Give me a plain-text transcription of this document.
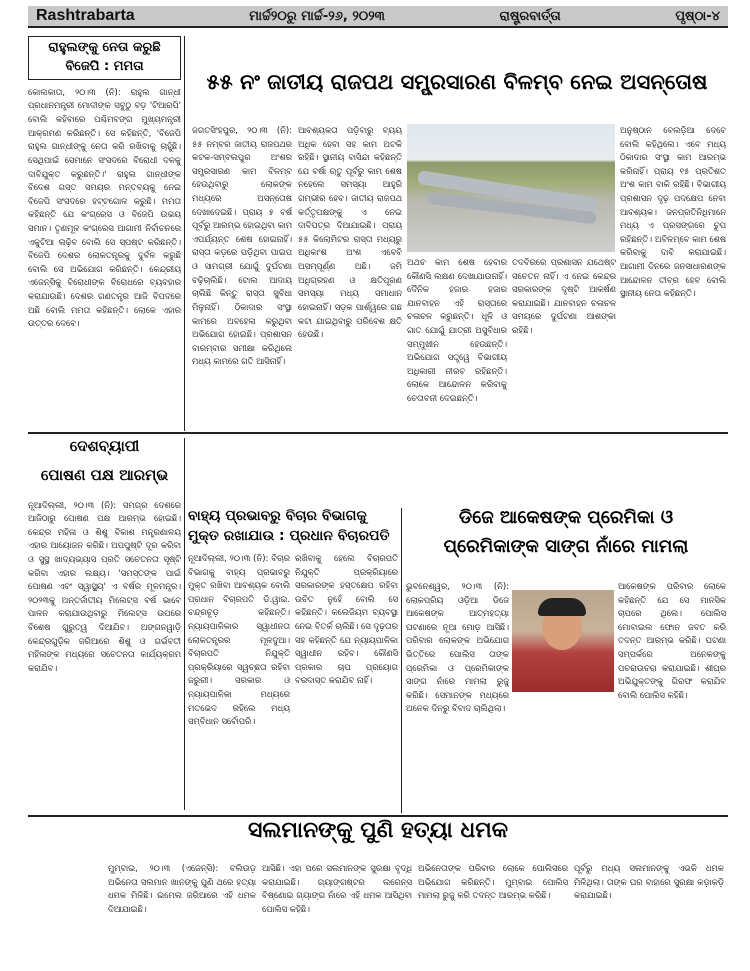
Rashtrabarta	ମାର୍ଚ୍ଚ୨୦ରୁ ମାର୍ଚ୍ଚ-୨୬, ୨୦୨୩	ରାଷ୍ଟ୍ରବାର୍ତ୍ତା	ପୃଷ୍ଠା-୪
ରାହୁଲଙ୍କୁ ନେତା କରୁଛି
ବିଜେପି : ମମତା
କୋଲକାତା, ୨୦।୩ (ନି): ରାହୁଲ ଗାନ୍ଧୀ ପ୍ରଧାନମନ୍ତ୍ରୀ ମୋଦୀଙ୍କ ସବୁଠୁ ବଡ଼ 'ଟିଆରପି' ବୋଲି କହିବାରେ ପଶ୍ଚିମବଙ୍ଗ ମୁଖ୍ୟମନ୍ତ୍ରୀ ଆକ୍ରମଣ କରିଛନ୍ତି। ସେ କହିଛନ୍ତି, 'ବିଜେପି ରାହୁଲ ଗାନ୍ଧୀଙ୍କୁ ନେତା କରି ରଖିବାକୁ ଚାହୁଁଛି। ସେଥିପାଇଁ ସେମାନେ ସଂସଦରେ ବିରୋଧୀ ଦଳକୁ ଦାବିଯୁକ୍ତ କରୁଛନ୍ତି।' ରାହୁଲ ଗାନ୍ଧୀଙ୍କ ବିଦେଶ ଗସ୍ତ ସମୟର ମନ୍ତବ୍ୟକୁ ନେଇ ବିଜେପି ସଂସଦରେ ହଟ୍ଟଗୋଳ କରୁଛି। ମମତା କହିଛନ୍ତି ଯେ କଂଗ୍ରେସ ଓ ବିଜେପି ଉଭୟ ସମାନ। ତୃଣମୂଳ କଂଗ୍ରେସ ଆଗାମୀ ନିର୍ବାଚନରେ ଏକୁଟିଆ ଲଢ଼ିବ ବୋଲି ସେ ସ୍ପଷ୍ଟ କରିଛନ୍ତି। ବିଜେପି ଦେଶର ଲୋକତନ୍ତ୍ରକୁ ଦୁର୍ବଳ କରୁଛି ବୋଲି ସେ ଅଭିଯୋଗ କରିଛନ୍ତି। କେନ୍ଦ୍ରୀୟ ଏଜେନ୍ସିକୁ ବିରୋଧୀଙ୍କ ବିରୋଧରେ ବ୍ୟବହାର କରାଯାଉଛି। ଦେଶର ଗଣତନ୍ତ୍ର ଆଜି ବିପଦରେ ଅଛି ବୋଲି ମମତା କହିଛନ୍ତି। ଲୋକେ ଏହାର ଉତ୍ତର ଦେବେ।
୫୫ ନଂ ଜାତୀୟ ରାଜପଥ ସମ୍ପ୍ରସାରଣ ବିଳମ୍ବ ନେଇ ଅସନ୍ତୋଷ
ଜଗତସିଂହପୁର, ୨୦।୩ (ନି): ୫୫ ନମ୍ବର ଜାତୀୟ ରାଜପଥର କଟକ-ସମ୍ବଲପୁର ଅଂଶର ସମ୍ପ୍ରସାରଣ କାମ ବିଳମ୍ବ ହେଉଥିବାରୁ ଲୋକଙ୍କ ମଧ୍ୟରେ ଅସନ୍ତୋଷ ଦେଖାଦେଇଛି। ପ୍ରାୟ ୫ ବର୍ଷ ପୂର୍ବରୁ ଆରମ୍ଭ ହୋଇଥିବା କାମ ଏପର୍ଯ୍ୟନ୍ତ ଶେଷ ହୋଇନାହିଁ। ରାସ୍ତା କଡ଼ରେ ପଡ଼ିଥିବା ପାଇପ ଓ ସାମଗ୍ରୀ ଯୋଗୁଁ ଦୁର୍ଘଟଣା ବଢ଼ିଚାଲିଛି। ଟୋଲ ଆଦାୟ ଚାଲିଛି କିନ୍ତୁ ରାସ୍ତା ସୁବିଧା ମିଳୁନାହିଁ। ଠିକାଦାର ସଂସ୍ଥା କାମରେ ଅବହେଳା କରୁଥିବା ଅଭିଯୋଗ ହୋଇଛି। ପ୍ରଶାସନ ବାରମ୍ବାର ସମୀକ୍ଷା କରିଥିଲେ ମଧ୍ୟ କାମରେ ଗତି ଆସିନାହିଁ।
ଆବଶ୍ୟକତା ପଡ଼ିବାରୁ ବ୍ୟୟ ଅଧିକ ହେବା ସହ କାମ ଅଟକି ରହିଛି। ସ୍ଥାନୀୟ ବାସିନ୍ଦା କହିଛନ୍ତି ଯେ ବର୍ଷା ଋତୁ ପୂର୍ବରୁ କାମ ଶେଷ ନହେଲେ ସମସ୍ୟା ଆହୁରି ଗମ୍ଭୀର ହେବ। ଜାତୀୟ ରାଜପଥ କର୍ତ୍ତୃପକ୍ଷଙ୍କୁ ଏ ନେଇ ଦାବିପତ୍ର ଦିଆଯାଇଛି। ପ୍ରାୟ ୫୫ କିଲୋମିଟର ରାସ୍ତା ମଧ୍ୟରୁ ଅଧିକାଂଶ ଅଂଶ ଏବେବି ଅସମ୍ପୂର୍ଣ୍ଣ ଅଛି। ଜମି ଅଧିଗ୍ରହଣ ଓ କ୍ଷତିପୂରଣ ସମସ୍ୟା ମଧ୍ୟ ସମାଧାନ ହୋଇନାହିଁ। ସଡ଼କ ପାର୍ଶ୍ୱରେ ଗଛ କଟା ଯାଇଥିବାରୁ ପରିବେଶ କ୍ଷତି ହେଉଛି।
ଅଥଚ କାମ ଶେଷ ହେବାର କୌଣସି ଲକ୍ଷଣ ଦେଖାଯାଉନାହିଁ। ଦୈନିକ ହଜାର ହଜାର ଯାନବାହନ ଏହି ରାସ୍ତାରେ ଚଳାଚଳ କରୁଛନ୍ତି। ଧୂଳି ଓ ଗାତ ଯୋଗୁଁ ଯାତ୍ରୀ ଅସୁବିଧାର ସମ୍ମୁଖୀନ ହେଉଛନ୍ତି। ଅଭିଯୋଗ ସତ୍ତ୍ୱେ ବିଭାଗୀୟ ଅଧିକାରୀ ନୀରବ ରହିଛନ୍ତି। ଲୋକେ ଆନ୍ଦୋଳନ କରିବାକୁ ଚେତାବନୀ ଦେଇଛନ୍ତି।
ତଦବିରରେ ପ୍ରଶାସନ ଯଥେଷ୍ଟ ସଚେତନ ନାହିଁ। ଏ ନେଇ କେନ୍ଦ୍ର ସରକାରଙ୍କ ଦୃଷ୍ଟି ଆକର୍ଷଣ କରାଯାଇଛି। ଯାନବାହନ ଚଳାଚଳ ସମୟରେ ଦୁର୍ଘଟଣା ଆଶଙ୍କା ରହିଛି।
ଅନୁଷ୍ଠାନ ବେଲଡ଼ିଆ ଦେବେ ବୋଲି କହିଥିଲେ। ଏବେ ମଧ୍ୟ ଠିକାଦାର ସଂସ୍ଥା କାମ ଆରମ୍ଭ କରିନାହିଁ। ପ୍ରାୟ ୧୫ ପ୍ରତିଶତ ଅଂଶ କାମ ବାକି ରହିଛି। ବିଭାଗୀୟ ପ୍ରଶାସନ ଦୃଢ଼ ପଦକ୍ଷେପ ନେବା ଆବଶ୍ୟକ। ଜନପ୍ରତିନିଧିମାନେ ମଧ୍ୟ ଏ ପ୍ରସଙ୍ଗରେ ଚୁପ ରହିଛନ୍ତି। ଅବିଳମ୍ବେ କାମ ଶେଷ କରିବାକୁ ଦାବି କରାଯାଇଛି। ଆଗାମୀ ଦିନରେ ଜନସାଧାରଣଙ୍କ ଆନ୍ଦୋଳନ ତୀବ୍ର ହେବ ବୋଲି ସ୍ଥାନୀୟ ନେତା କହିଛନ୍ତି।
ଦେଶବ୍ୟାପୀ
ପୋଷଣ ପକ୍ଷ ଆରମ୍ଭ
ନୂଆଦିଲ୍ଲୀ, ୨୦।୩ (ନି): ସମଗ୍ର ଦେଶରେ ଆଜିଠାରୁ ପୋଷଣ ପକ୍ଷ ଆରମ୍ଭ ହୋଇଛି। କେନ୍ଦ୍ର ମହିଳା ଓ ଶିଶୁ ବିକାଶ ମନ୍ତ୍ରଣାଳୟ ଏହାର ଆୟୋଜନ କରିଛି। ଅପପୁଷ୍ଟି ଦୂର କରିବା ଓ ସୁସ୍ଥ ଖାଦ୍ୟଭ୍ୟାସ ପ୍ରତି ସଚେତନତା ସୃଷ୍ଟି କରିବା ଏହାର ଲକ୍ଷ୍ୟ। 'ସମସ୍ତଙ୍କ ପାଇଁ ପୋଷଣ ଏବଂ ସ୍ୱାସ୍ଥ୍ୟ' ଏ ବର୍ଷର ମୂଳମନ୍ତ୍ର। ୨୦୨୩କୁ ଅନ୍ତର୍ଜାତୀୟ ମିଲେଟ୍ସ ବର୍ଷ ଭାବେ ପାଳନ କରାଯାଉଥିବାରୁ ମିଲେଟ୍ସ ଉପରେ ବିଶେଷ ଗୁରୁତ୍ୱ ଦିଆଯିବ। ଅଙ୍ଗନୱାଡ଼ି କେନ୍ଦ୍ରଗୁଡ଼ିକ ଜରିଆରେ ଶିଶୁ ଓ ଗର୍ଭବତୀ ମହିଳାଙ୍କ ମଧ୍ୟରେ ସଚେତନତା କାର୍ଯ୍ୟକ୍ରମ କରାଯିବ।
ବାହ୍ୟ ପ୍ରଭାବରୁ ବିଚାର ବିଭାଗକୁ
ମୁକ୍ତ ରଖାଯାଉ : ପ୍ରଧାନ ବିଚାରପତି
ନୂଆଦିଲ୍ଲୀ, ୨୦।୩ (ନି): ବିଚାର ବିଭାଗକୁ ବାହ୍ୟ ପ୍ରଭାବରୁ ମୁକ୍ତ ରଖିବା ଆବଶ୍ୟକ ବୋଲି ପ୍ରଧାନ ବିଚାରପତି ଡି.ୱାଇ. ଚନ୍ଦ୍ରଚୂଡ଼ କହିଛନ୍ତି। ନ୍ୟାୟପାଳିକାର ସ୍ୱାଧୀନତା ଲୋକତନ୍ତ୍ରର ମୂଳଦୁଆ। ବିଚାରପତି ନିଯୁକ୍ତି ପ୍ରକ୍ରିୟାରେ ସ୍ୱଚ୍ଛତା ରହିବା ଜରୁରୀ। ସରକାର ଓ ନ୍ୟାୟପାଳିକା ମଧ୍ୟରେ ମତଭେଦ ରହିଲେ ମଧ୍ୟ ସମ୍ବିଧାନ ସର୍ବୋପରି।
ରଖିବାକୁ ହେଲେ ବିଚାରପତି ନିଯୁକ୍ତି ପ୍ରକ୍ରିୟାରେ ସରକାରଙ୍କ ହସ୍ତକ୍ଷେପ ରହିବା ଉଚିତ ନୁହେଁ ବୋଲି ସେ କହିଛନ୍ତି। କଲେଜିୟମ ବ୍ୟବସ୍ଥା ନେଇ ବିତର୍କ ଚାଲିଛି। ସେ ଦୃଢ଼ତାର ସହ କହିଛନ୍ତି ଯେ ନ୍ୟାୟପାଳିକା ସ୍ୱାଧୀନ ରହିବ। କୌଣସି ପ୍ରକାର ଚାପ ପ୍ରୟୋଗ ବରଦାସ୍ତ କରାଯିବ ନାହିଁ।
ଡିଜେ ଆକେଷଙ୍କ ପ୍ରେମିକା ଓ
ପ୍ରେମିକାଙ୍କ ସାଙ୍ଗ ନାଁରେ ମାମଲା
ଭୁବନେଶ୍ୱର, ୨୦।୩ (ନି): ଲୋକପ୍ରିୟ ଓଡ଼ିଆ ଡିଜେ ଆକେଷଙ୍କ ଆତ୍ମହତ୍ୟା ଘଟଣାରେ ନୂଆ ମୋଡ଼ ଆସିଛି। ପରିବାର ଲୋକଙ୍କ ଅଭିଯୋଗ ଭିତ୍ତିରେ ପୋଲିସ ତାଙ୍କ ପ୍ରେମିକା ଓ ପ୍ରେମିକାଙ୍କ ସାଙ୍ଗ ନାଁରେ ମାମଲା ରୁଜୁ କରିଛି। ସେମାନଙ୍କ ମଧ୍ୟରେ ଅନେକ ଦିନରୁ ବିବାଦ ଚାଲିଥିଲା।
ଆକେଷଙ୍କ ପରିବାର ଲୋକେ କହିଛନ୍ତି ଯେ ସେ ମାନସିକ ଚାପରେ ଥିଲେ। ପୋଲିସ ମୋବାଇଲ ଫୋନ ଜବତ କରି ତଦନ୍ତ ଆରମ୍ଭ କରିଛି। ଘଟଣା ସମ୍ପର୍କରେ ଅନେକଙ୍କୁ ପଚରାଉଚରା କରାଯାଇଛି। ଶୀଘ୍ର ଅଭିଯୁକ୍ତଙ୍କୁ ଗିରଫ କରାଯିବ ବୋଲି ପୋଲିସ କହିଛି।
ସଲମାନଙ୍କୁ ପୁଣି ହତ୍ୟା ଧମକ
ମୁମ୍ବାଇ, ୨୦।୩ (ଏଜେନ୍ସି): ବଲିଉଡ଼ ଅଭିନେତା ସଲମାନ ଖାନଙ୍କୁ ପୁଣି ଥରେ ହତ୍ୟା ଧମକ ମିଳିଛି। ଇମେଲ ଜରିଆରେ ଏହି ଧମକ ଦିଆଯାଇଛି।
ଆସିଛି। ଏହା ପରେ ସଲମାନଙ୍କ ସୁରକ୍ଷା ବୃଦ୍ଧି କରାଯାଇଛି। ଗ୍ୟାଙ୍ଗଷ୍ଟର ଲରେନ୍ସ ବିଷ୍ଣୋଇ ଗ୍ୟାଙ୍ଗ ନାଁରେ ଏହି ଧମକ ଆସିଥିବା ପୋଲିସ କହିଛି।
ଅଭିନେତାଙ୍କ ପରିବାର ଲୋକେ ପୋଲିସରେ ଅଭିଯୋଗ କରିଛନ୍ତି। ମୁମ୍ବାଇ ପୋଲିସ ମାମଲା ରୁଜୁ କରି ତଦନ୍ତ ଆରମ୍ଭ କରିଛି।
ପୂର୍ବରୁ ମଧ୍ୟ ସଲମାନଙ୍କୁ ଏଭଳି ଧମକ ମିଳିଥିଲା। ତାଙ୍କ ଘର ବାହାରେ ସୁରକ୍ଷା କଡ଼ାକଡ଼ି କରାଯାଇଛି।
